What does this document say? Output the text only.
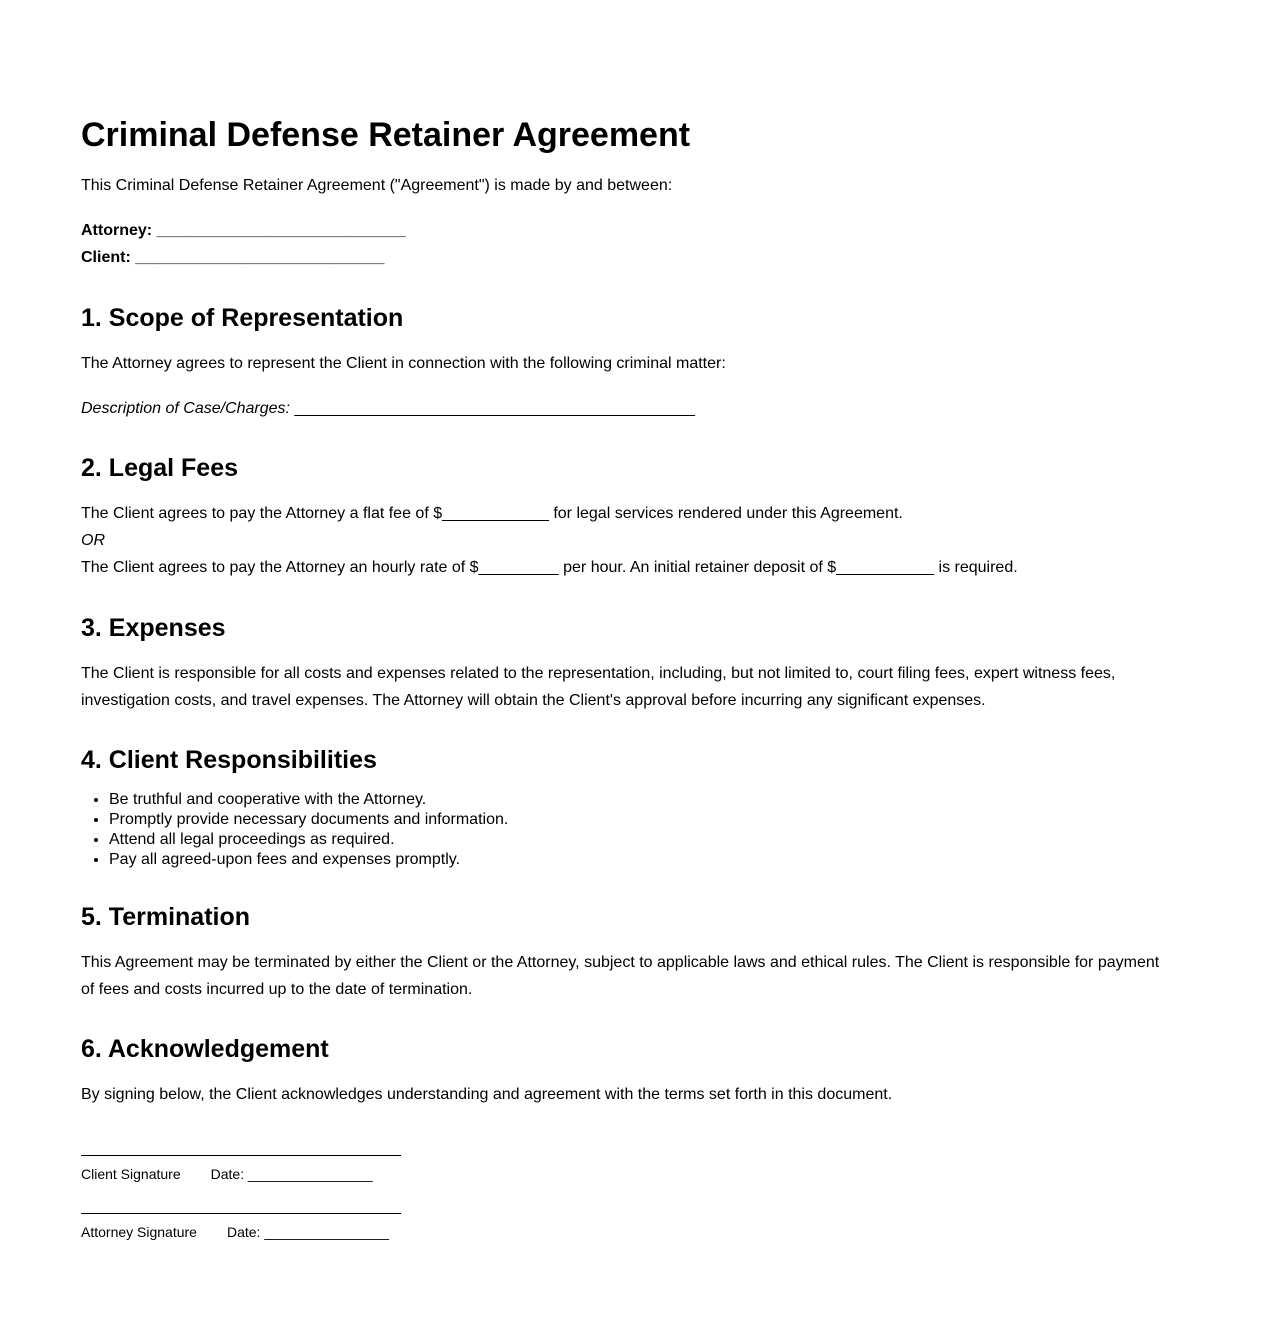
Criminal Defense Retainer Agreement

This Criminal Defense Retainer Agreement ("Agreement") is made by and between:

Attorney: ____________________________
Client: ____________________________
1. Scope of Representation

The Attorney agrees to represent the Client in connection with the following criminal matter:

Description of Case/Charges: _____________________________________________

2. Legal Fees
The Client agrees to pay the Attorney a flat fee of $____________ for legal services rendered under this Agreement.
OR
The Client agrees to pay the Attorney an hourly rate of $_________ per hour. An initial retainer deposit of $___________ is required.
3. Expenses

The Client is responsible for all costs and expenses related to the representation, including, but not limited to, court filing fees, expert witness fees, investigation costs, and travel expenses. The Attorney will obtain the Client's approval before incurring any significant expenses.

4. Client Responsibilities
• Be truthful and cooperative with the Attorney.
• Promptly provide necessary documents and information.
• Attend all legal proceedings as required.
• Pay all agreed-upon fees and expenses promptly.
5. Termination

This Agreement may be terminated by either the Client or the Attorney, subject to applicable laws and ethical rules. The Client is responsible for payment of fees and costs incurred up to the date of termination.

6. Acknowledgement

By signing below, the Client acknowledges understanding and agreement with the terms set forth in this document.

Client Signature Date: ________________
Attorney Signature Date: ________________
